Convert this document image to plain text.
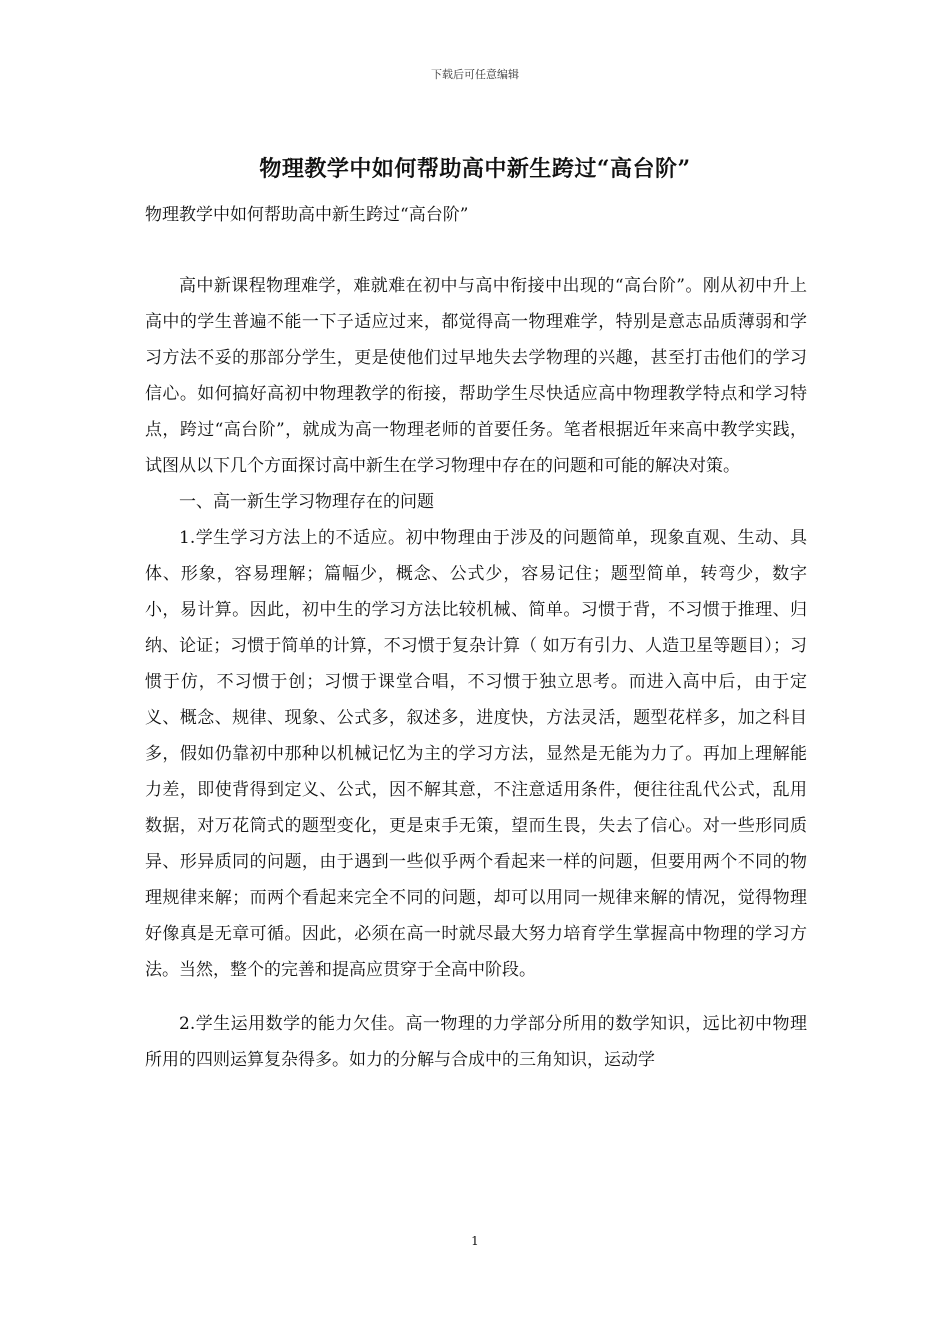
下载后可任意编辑
物理教学中如何帮助高中新生跨过“高台阶”
物理教学中如何帮助高中新生跨过“高台阶”

高中新课程物理难学，难就难在初中与高中衔接中出现的“高台阶”。刚从初中升上高中的学生普遍不能一下子适应过来，都觉得高一物理难学，特别是意志品质薄弱和学习方法不妥的那部分学生，更是使他们过早地失去学物理的兴趣，甚至打击他们的学习信心。如何搞好高初中物理教学的衔接，帮助学生尽快适应高中物理教学特点和学习特点，跨过“高台阶”，就成为高一物理老师的首要任务。笔者根据近年来高中教学实践，试图从以下几个方面探讨高中新生在学习物理中存在的问题和可能的解决对策。

一、高一新生学习物理存在的问题

1.学生学习方法上的不适应。初中物理由于涉及的问题简单，现象直观、生动、具体、形象，容易理解；篇幅少，概念、公式少，容易记住；题型简单，转弯少，数字小，易计算。因此，初中生的学习方法比较机械、简单。习惯于背，不习惯于推理、归纳、论证；习惯于简单的计算，不习惯于复杂计算（ 如万有引力、人造卫星等题目）；习惯于仿，不习惯于创；习惯于课堂合唱，不习惯于独立思考。而进入高中后，由于定义、概念、规律、现象、公式多，叙述多，进度快，方法灵活，题型花样多，加之科目多，假如仍靠初中那种以机械记忆为主的学习方法，显然是无能为力了。再加上理解能力差，即使背得到定义、公式，因不解其意，不注意适用条件，便往往乱代公式，乱用数据，对万花筒式的题型变化，更是束手无策，望而生畏，失去了信心。对一些形同质异、形异质同的问题，由于遇到一些似乎两个看起来一样的问题，但要用两个不同的物理规律来解；而两个看起来完全不同的问题，却可以用同一规律来解的情况，觉得物理好像真是无章可循。因此，必须在高一时就尽最大努力培育学生掌握高中物理的学习方法。当然，整个的完善和提高应贯穿于全高中阶段。

2.学生运用数学的能力欠佳。高一物理的力学部分所用的数学知识，远比初中物理所用的四则运算复杂得多。如力的分解与合成中的三角知识，运动学

1
